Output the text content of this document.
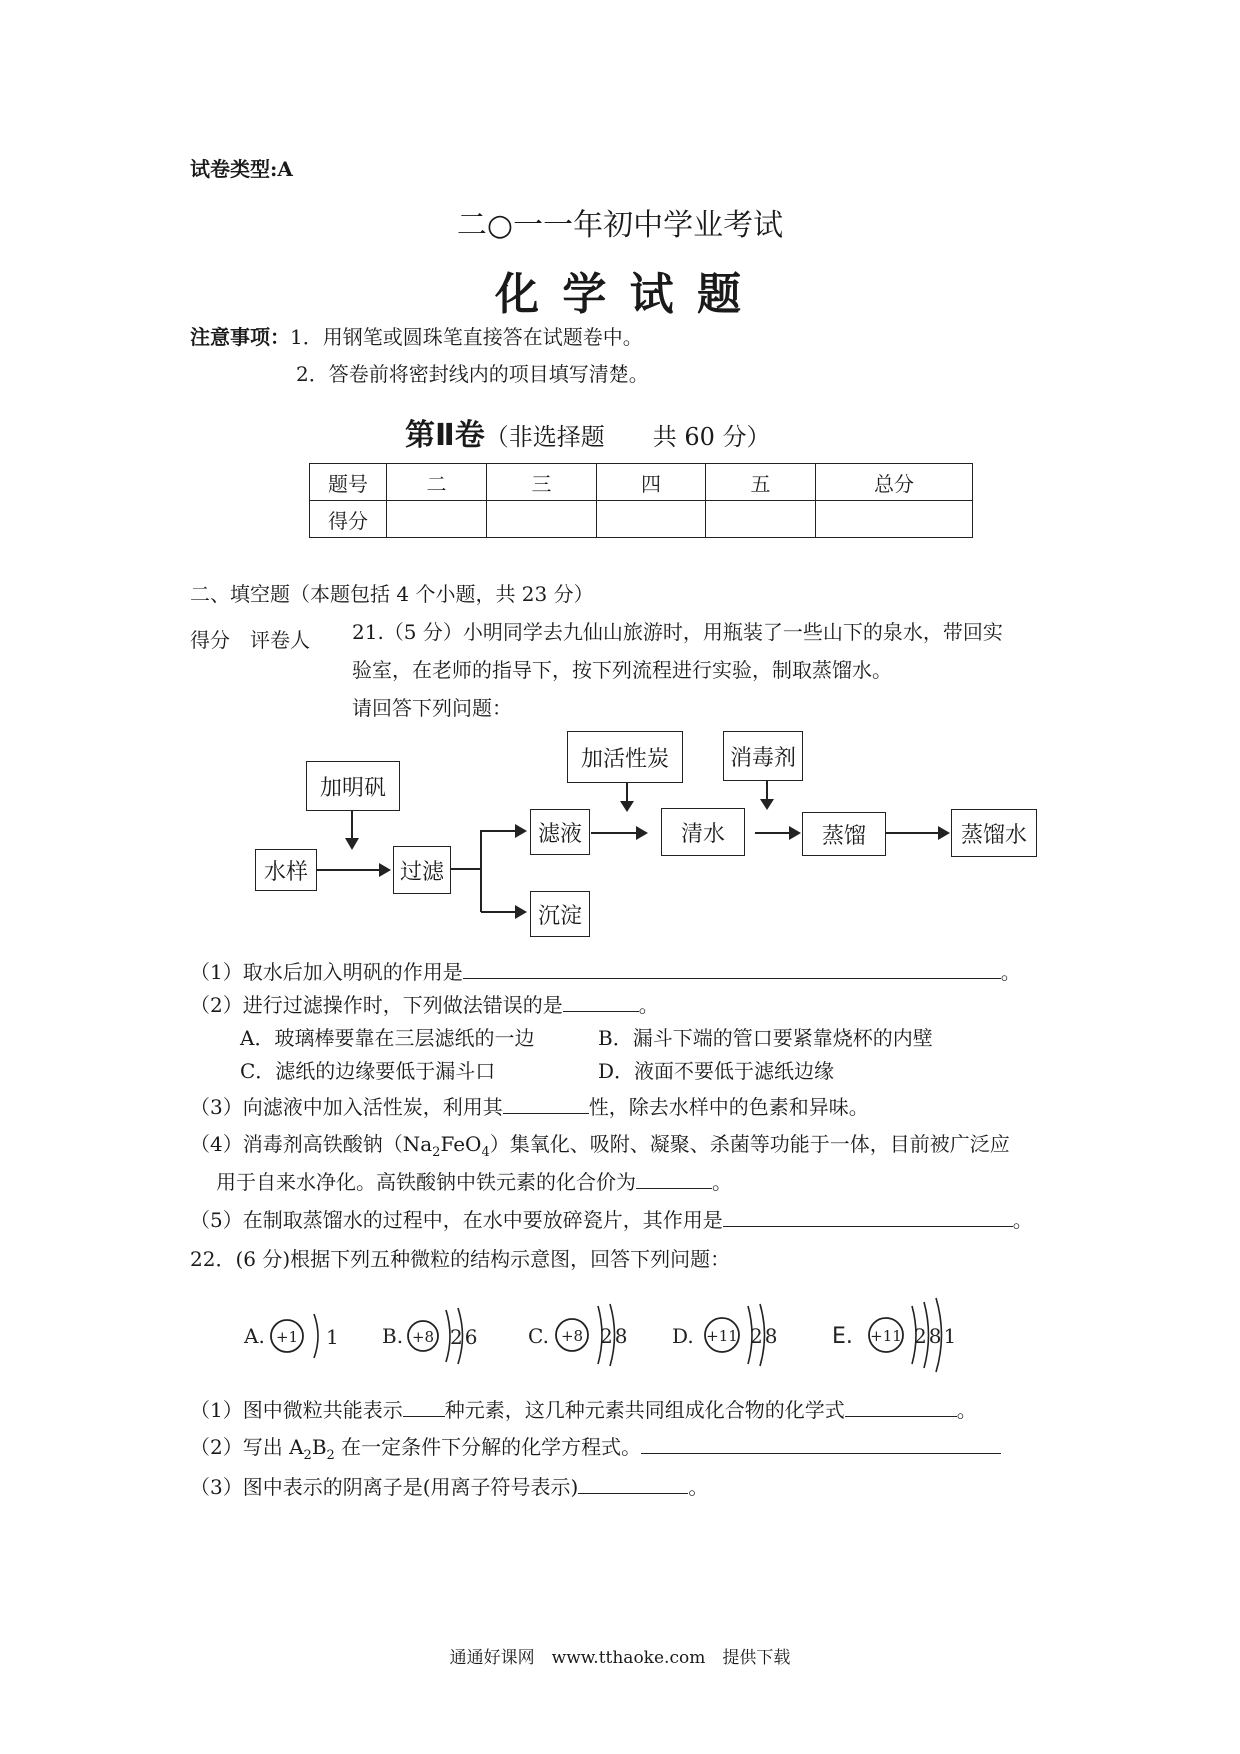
试卷类型:A
二○一一年初中学业考试
化 学 试 题
注意事项：1．用钢笔或圆珠笔直接答在试题卷中。
2．答卷前将密封线内的项目填写清楚。
第Ⅱ卷（非选择题　　共 60 分）
题号	二	三	四	五	总分
得分					
二、填空题（本题包括 4 个小题，共 23 分）
得分　评卷人 21.（5 分）小明同学去九仙山旅游时，用瓶装了一些山下的泉水，带回实
验室，在老师的指导下，按下列流程进行实验，制取蒸馏水。
请回答下列问题：
加明矾
水样	过滤
滤液
沉淀
加活性炭
清水
消毒剂
蒸馏	蒸馏水
（1）取水后加入明矾的作用是	。
（2）进行过滤操作时，下列做法错误的是	。
A．玻璃棒要靠在三层滤纸的一边	B．漏斗下端的管口要紧靠烧杯的内壁
C．滤纸的边缘要低于漏斗口	D．液面不要低于滤纸边缘
（3）向滤液中加入活性炭，利用其	性，除去水样中的色素和异味。
（4）消毒剂高铁酸钠$(Na_2FeO_4)$集氧化、吸附、凝聚、杀菌等功能于一体，目前被广泛应
用于自来水净化。高铁酸钠中铁元素的化合价为	。
（5）在制取蒸馏水的过程中，在水中要放碎瓷片，其作用是	。
22．(6 分)根据下列五种微粒的结构示意图，回答下列问题：
A. +1 1 B. +8 26 C. +8 28 D. +11 28 E. +11 281
（1）图中微粒共能表示 种元素，这几种元素共同组成化合物的化学式	。
（2）写出 $A_2B_2$ 在一定条件下分解的化学方程式。
（3）图中表示的阴离子是(用离子符号表示)	。
通通好课网　www.tthaoke.com　提供下载
